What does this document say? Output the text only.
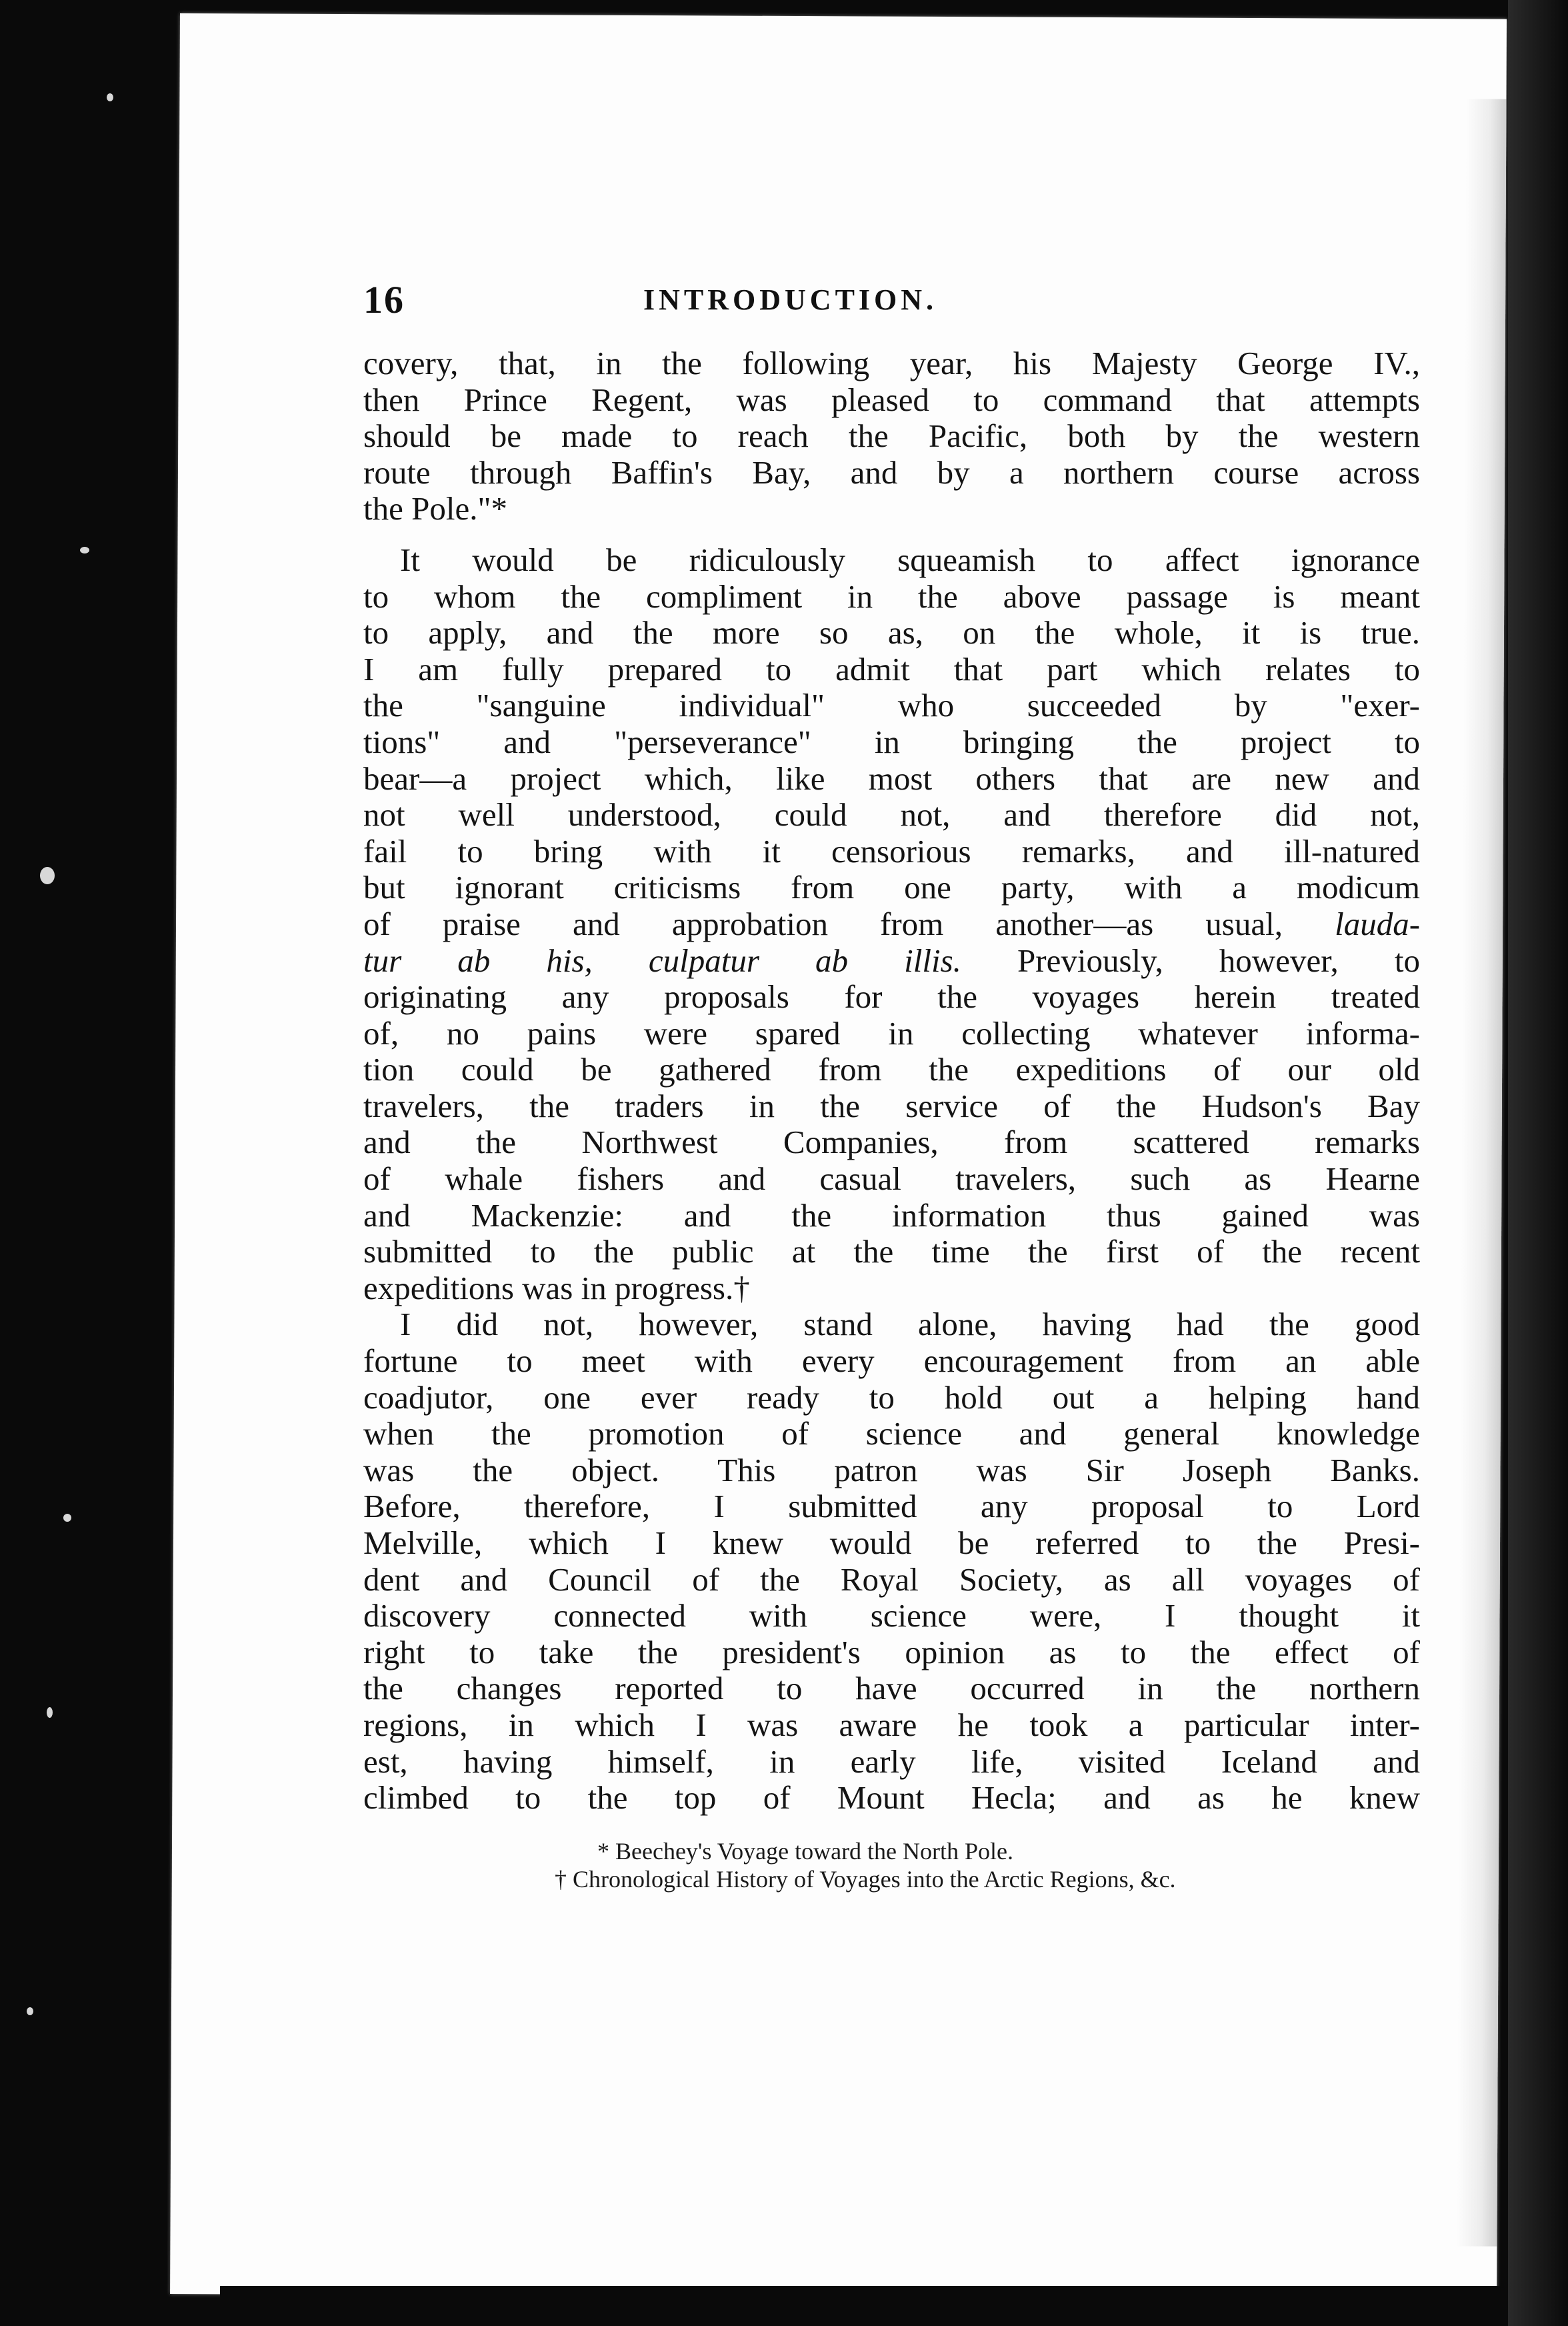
16	INTRODUCTION.

covery, that, in the following year, his Majesty George IV.,
then Prince Regent, was pleased to command that attempts
should be made to reach the Pacific, both by the western
route through Baffin's Bay, and by a northern course across
the Pole."*

It would be ridiculously squeamish to affect ignorance
to whom the compliment in the above passage is meant
to apply, and the more so as, on the whole, it is true.
I am fully prepared to admit that part which relates to
the "sanguine individual" who succeeded by "exer-
tions" and "perseverance" in bringing the project to
bear—a project which, like most others that are new and
not well understood, could not, and therefore did not,
fail to bring with it censorious remarks, and ill-natured
but ignorant criticisms from one party, with a modicum
of praise and approbation from another—as usual, lauda-
tur ab his, culpatur ab illis. Previously, however, to
originating any proposals for the voyages herein treated
of, no pains were spared in collecting whatever informa-
tion could be gathered from the expeditions of our old
travelers, the traders in the service of the Hudson's Bay
and the Northwest Companies, from scattered remarks
of whale fishers and casual travelers, such as Hearne
and Mackenzie: and the information thus gained was
submitted to the public at the time the first of the recent
expeditions was in progress.†

I did not, however, stand alone, having had the good
fortune to meet with every encouragement from an able
coadjutor, one ever ready to hold out a helping hand
when the promotion of science and general knowledge
was the object. This patron was Sir Joseph Banks.
Before, therefore, I submitted any proposal to Lord
Melville, which I knew would be referred to the Presi-
dent and Council of the Royal Society, as all voyages of
discovery connected with science were, I thought it
right to take the president's opinion as to the effect of
the changes reported to have occurred in the northern
regions, in which I was aware he took a particular inter-
est, having himself, in early life, visited Iceland and
climbed to the top of Mount Hecla; and as he knew

* Beechey's Voyage toward the North Pole.
† Chronological History of Voyages into the Arctic Regions, &c.
